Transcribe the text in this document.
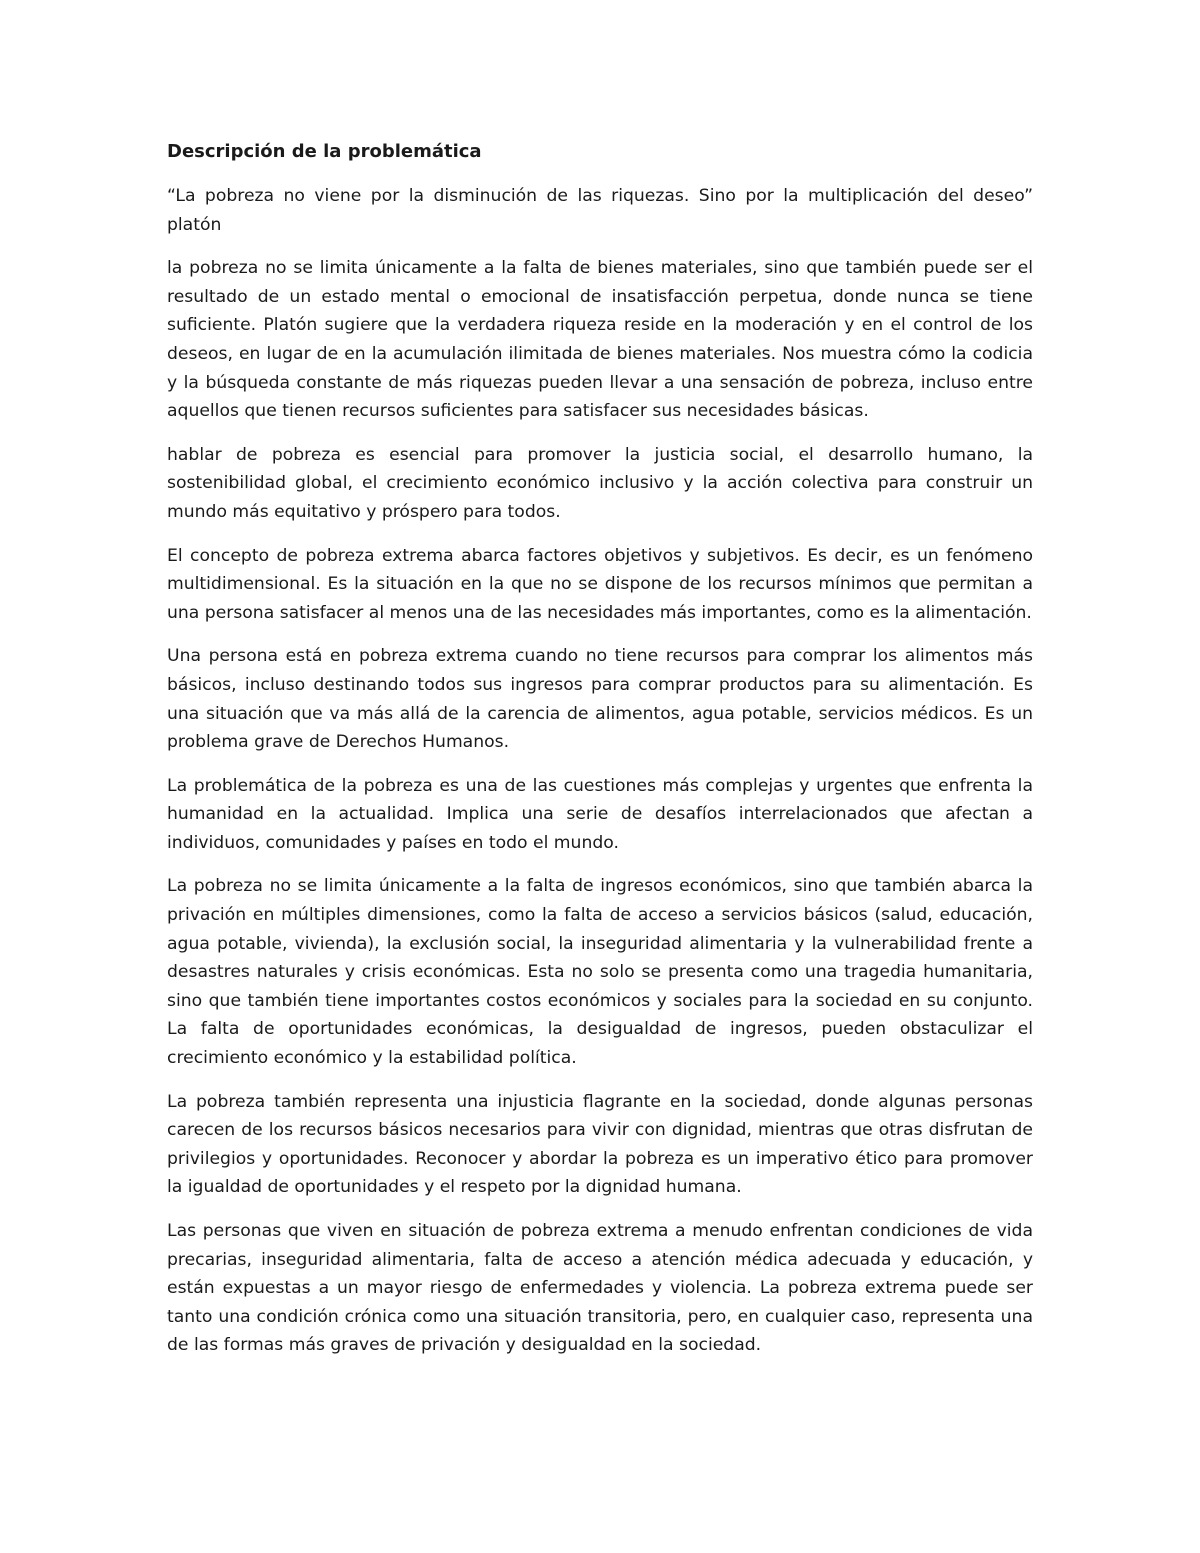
Descripción de la problemática

“La pobreza no viene por la disminución de las riquezas. Sino por la multiplicación del deseo” platón

la pobreza no se limita únicamente a la falta de bienes materiales, sino que también puede ser el resultado de un estado mental o emocional de insatisfacción perpetua, donde nunca se tiene suficiente. Platón sugiere que la verdadera riqueza reside en la moderación y en el control de los deseos, en lugar de en la acumulación ilimitada de bienes materiales. Nos muestra cómo la codicia y la búsqueda constante de más riquezas pueden llevar a una sensación de pobreza, incluso entre aquellos que tienen recursos suficientes para satisfacer sus necesidades básicas.

hablar de pobreza es esencial para promover la justicia social, el desarrollo humano, la sostenibilidad global, el crecimiento económico inclusivo y la acción colectiva para construir un mundo más equitativo y próspero para todos.

El concepto de pobreza extrema abarca factores objetivos y subjetivos. Es decir, es un fenómeno multidimensional. Es la situación en la que no se dispone de los recursos mínimos que permitan a una persona satisfacer al menos una de las necesidades más importantes, como es la alimentación.

Una persona está en pobreza extrema cuando no tiene recursos para comprar los alimentos más básicos, incluso destinando todos sus ingresos para comprar productos para su alimentación. Es una situación que va más allá de la carencia de alimentos, agua potable, servicios médicos. Es un problema grave de Derechos Humanos.

La problemática de la pobreza es una de las cuestiones más complejas y urgentes que enfrenta la humanidad en la actualidad. Implica una serie de desafíos interrelacionados que afectan a individuos, comunidades y países en todo el mundo.

La pobreza no se limita únicamente a la falta de ingresos económicos, sino que también abarca la privación en múltiples dimensiones, como la falta de acceso a servicios básicos (salud, educación, agua potable, vivienda), la exclusión social, la inseguridad alimentaria y la vulnerabilidad frente a desastres naturales y crisis económicas. Esta no solo se presenta como una tragedia humanitaria, sino que también tiene importantes costos económicos y sociales para la sociedad en su conjunto. La falta de oportunidades económicas, la desigualdad de ingresos, pueden obstaculizar el crecimiento económico y la estabilidad política.

La pobreza también representa una injusticia flagrante en la sociedad, donde algunas personas carecen de los recursos básicos necesarios para vivir con dignidad, mientras que otras disfrutan de privilegios y oportunidades. Reconocer y abordar la pobreza es un imperativo ético para promover la igualdad de oportunidades y el respeto por la dignidad humana.

Las personas que viven en situación de pobreza extrema a menudo enfrentan condiciones de vida precarias, inseguridad alimentaria, falta de acceso a atención médica adecuada y educación, y están expuestas a un mayor riesgo de enfermedades y violencia. La pobreza extrema puede ser tanto una condición crónica como una situación transitoria, pero, en cualquier caso, representa una de las formas más graves de privación y desigualdad en la sociedad.
